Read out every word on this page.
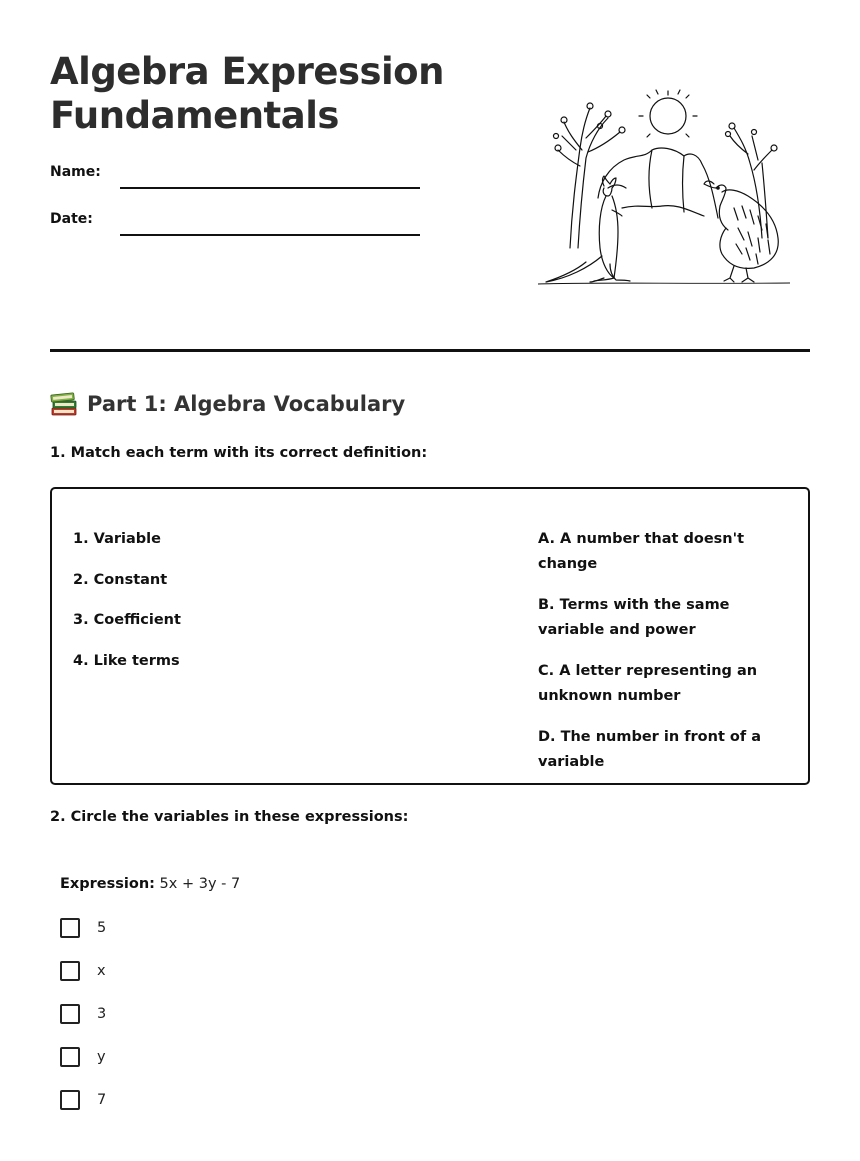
Algebra Expression Fundamentals
Name:
Date:
Part 1: Algebra Vocabulary
1. Match each term with its correct definition:
1. Variable
2. Constant
3. Coefficient
4. Like terms
A. A number that doesn't change
B. Terms with the same variable and power
C. A letter representing an unknown number
D. The number in front of a variable
2. Circle the variables in these expressions:
Expression: 5x + 3y - 7
5
x
3
y
7
